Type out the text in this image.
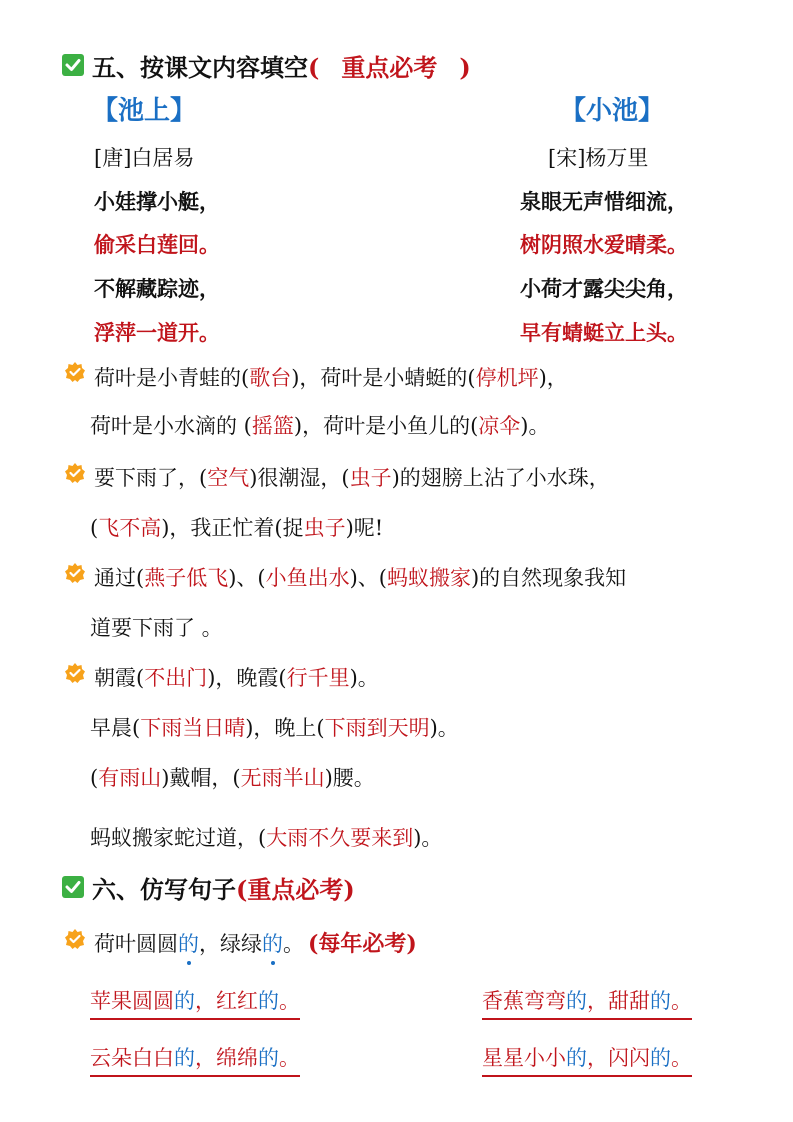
五、按课文内容填空( 重点必考 )
【池上】	【小池】
[唐]白居易	[宋]杨万里
小娃撑小艇，
偷采白莲回。
不解藏踪迹，
浮萍一道开。
泉眼无声惜细流，
树阴照水爱晴柔。
小荷才露尖尖角，
早有蜻蜓立上头。
荷叶是小青蛙的(歌台)，荷叶是小蜻蜓的(停机坪)，
荷叶是小水滴的 (摇篮)，荷叶是小鱼儿的(凉伞)。
要下雨了，(空气)很潮湿，(虫子)的翅膀上沾了小水珠，
(飞不高)，我正忙着(捉虫子)呢!
通过(燕子低飞)、(小鱼出水)、(蚂蚁搬家)的自然现象我知
道要下雨了 。
朝霞(不出门)，晚霞(行千里)。
早晨(下雨当日晴)，晚上(下雨到天明)。
(有雨山)戴帽，(无雨半山)腰。
蚂蚁搬家蛇过道，(大雨不久要来到)。
六、仿写句子(重点必考)
荷叶圆圆的，绿绿的。 (每年必考)
苹果圆圆的，红红的。	香蕉弯弯的，甜甜的。
云朵白白的，绵绵的。	星星小小的，闪闪的。
